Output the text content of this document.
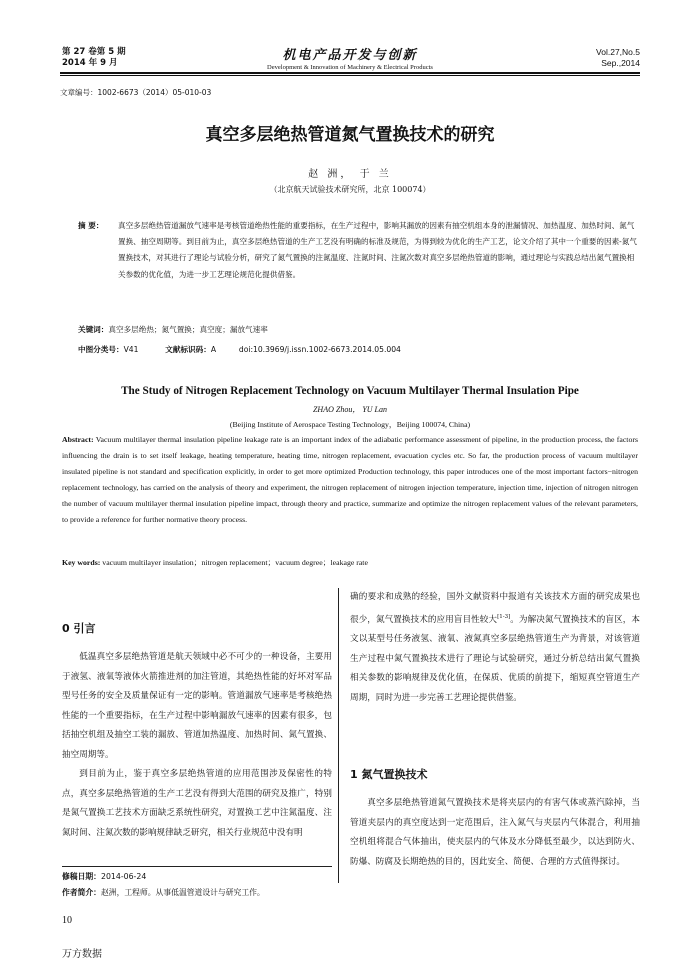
第 27 卷第 5 期
2014 年 9 月	机电产品开发与创新
Development & Innovation of Machinery & Electrical Products
Vol.27,No.5
Sep.,2014
文章编号：1002-6673（2014）05-010-03
真空多层绝热管道氮气置换技术的研究
赵 洲， 于 兰
（北京航天试验技术研究所，北京 100074）
摘 要：	真空多层绝热管道漏放气速率是考核管道绝热性能的重要指标，在生产过程中，影响其漏放的因素有抽空机组本身的泄漏情况、加热温度、加热时间、氮气置换、抽空周期等。到目前为止，真空多层绝热管道的生产工艺没有明确的标准及规范，为得到较为优化的生产工艺，论文介绍了其中一个重要的因素-氮气置换技术，对其进行了理论与试验分析，研究了氮气置换的注氮温度、注氮时间、注氮次数对真空多层绝热管道的影响，通过理论与实践总结出氮气置换相关参数的优化值，为进一步工艺理论规范化提供借鉴。
关键词：真空多层绝热；氮气置换；真空度；漏放气速率
中图分类号：V41	文献标识码：A	doi:10.3969/j.issn.1002-6673.2014.05.004
The Study of Nitrogen Replacement Technology on Vacuum Multilayer Thermal Insulation Pipe
ZHAO Zhou， YU Lan
(Beijing Institute of Aerospace Testing Technology，Beijing 100074, China)
Abstract: Vacuum multilayer thermal insulation pipeline leakage rate is an important index of the adiabatic performance assessment of pipeline, in the production process, the factors influencing the drain is to set itself leakage, heating temperature, heating time, nitrogen replacement, evacuation cycles etc. So far, the production process of vacuum multilayer insulated pipeline is not standard and specification explicitly, in order to get more optimized Production technology, this paper introduces one of the most important factors−nitrogen replacement technology, has carried on the analysis of theory and experiment, the nitrogen replacement of nitrogen injection temperature, injection time, injection of nitrogen nitrogen the number of vacuum multilayer thermal insulation pipeline impact, through theory and practice, summarize and optimize the nitrogen replacement values of the relevant parameters, to provide a reference for further normative theory process.
Key words: vacuum multilayer insulation；nitrogen replacement；vacuum degree；leakage rate
0 引言
低温真空多层绝热管道是航天领域中必不可少的一种设备，主要用于液氢、液氧等液体火箭推进剂的加注管道，其绝热性能的好坏对军品型号任务的安全及质量保证有一定的影响。管道漏放气速率是考核绝热性能的一个重要指标，在生产过程中影响漏放气速率的因素有很多，包括抽空机组及抽空工装的漏放、管道加热温度、加热时间、氮气置换、抽空周期等。
到目前为止，鉴于真空多层绝热管道的应用范围涉及保密性的特点，真空多层绝热管道的生产工艺没有得到大范围的研究及推广，特别是氮气置换工艺技术方面缺乏系统性研究，对置换工艺中注氮温度、注氮时间、注氮次数的影响规律缺乏研究，相关行业规范中没有明
确的要求和成熟的经验，国外文献资料中报道有关该技术方面的研究成果也很少，氮气置换技术的应用盲目性较大[1-3]。为解决氮气置换技术的盲区，本文以某型号任务液氢、液氧、液氮真空多层绝热管道生产为背景，对该管道生产过程中氮气置换技术进行了理论与试验研究，通过分析总结出氮气置换相关参数的影响规律及优化值，在保质、优质的前提下，缩短真空管道生产周期，同时为进一步完善工艺理论提供借鉴。
1 氮气置换技术
真空多层绝热管道氮气置换技术是将夹层内的有害气体或蒸汽除掉，当管道夹层内的真空度达到一定范围后，注入氮气与夹层内气体混合，利用抽空机组将混合气体抽出，使夹层内的气体及水分降低至最少，以达到防火、防爆、防腐及长期绝热的目的，因此安全、简便、合理的方式值得探讨。
修稿日期：2014-06-24
作者简介：赵洲，工程师。从事低温管道设计与研究工作。
10
万方数据
